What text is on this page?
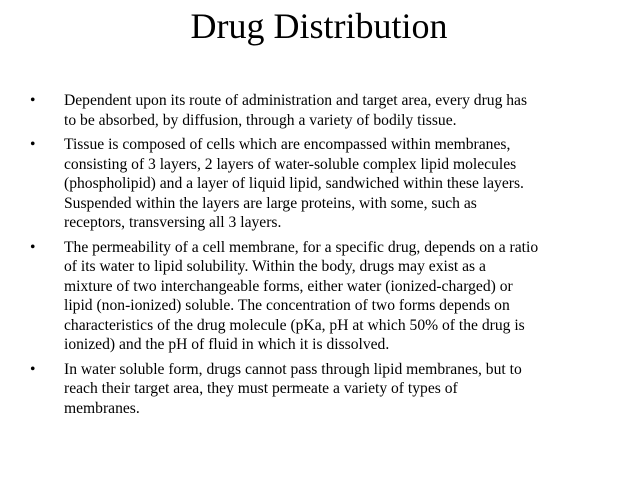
Drug Distribution
•	Dependent upon its route of administration and target area, every drug has
to be absorbed, by diffusion, through a variety of bodily tissue.
•	Tissue is composed of cells which are encompassed within membranes,
consisting of 3 layers, 2 layers of water-soluble complex lipid molecules
(phospholipid) and a layer of liquid lipid, sandwiched within these layers.
Suspended within the layers are large proteins, with some, such as
receptors, transversing all 3 layers.
•	The permeability of a cell membrane, for a specific drug, depends on a ratio
of its water to lipid solubility. Within the body, drugs may exist as a
mixture of two interchangeable forms, either water (ionized-charged) or
lipid (non-ionized) soluble. The concentration of two forms depends on
characteristics of the drug molecule (pKa, pH at which 50% of the drug is
ionized) and the pH of fluid in which it is dissolved.
•	In water soluble form, drugs cannot pass through lipid membranes, but to
reach their target area, they must permeate a variety of types of
membranes.
